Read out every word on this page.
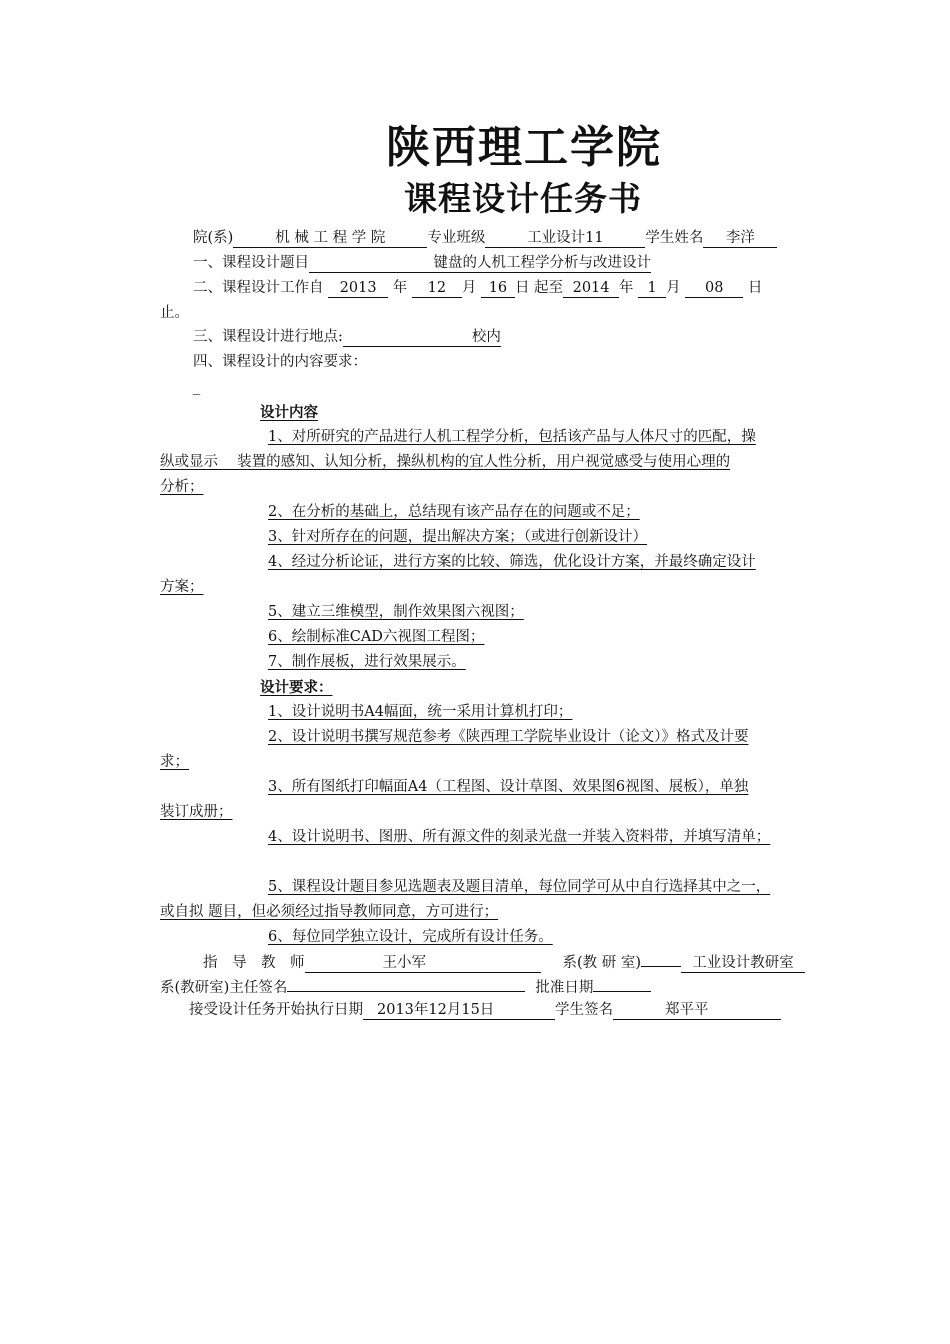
陕西理工学院
课程设计任务书
院(系)	机 械 工 程 学 院	专业班级	工业设计11	学生姓名 李洋
一、课程设计题目	键盘的人机工程学分析与改进设计
二、课程设计工作自 2013 年 12 月 16 日 起至 2014 年 1 月 08 日
止。
三、课程设计进行地点:	校内
四、课程设计的内容要求：
_
设计内容
1、对所研究的产品进行人机工程学分析，包括该产品与人体尺寸的匹配，操
纵或显示　 装置的感知、认知分析，操纵机构的宜人性分析，用户视觉感受与使用心理的
分析；
2、在分析的基础上，总结现有该产品存在的问题或不足；
3、针对所存在的问题，提出解决方案；（或进行创新设计）
4、经过分析论证，进行方案的比较、筛选，优化设计方案，并最终确定设计
方案；
5、建立三维模型，制作效果图六视图；
6、绘制标准CAD六视图工程图；
7、制作展板，进行效果展示。
设计要求：
1、设计说明书A4幅面，统一采用计算机打印；
2、设计说明书撰写规范参考《陕西理工学院毕业设计（论文）》格式及计要
求；
3、所有图纸打印幅面A4（工程图、设计草图、效果图6视图、展板），单独
装订成册；
4、设计说明书、图册、所有源文件的刻录光盘一并装入资料带，并填写清单；
5、课程设计题目参见选题表及题目清单，每位同学可从中自行选择其中之一，
或自拟 题目，但必须经过指导教师同意，方可进行；
6、每位同学独立设计，完成所有设计任务。
指　导　教　师	王小军	系(教 研 室)	工业设计教研室
系(教研室)主任签名	批准日期
接受设计任务开始执行日期 2013年12月15日	学生签名	郑平平
